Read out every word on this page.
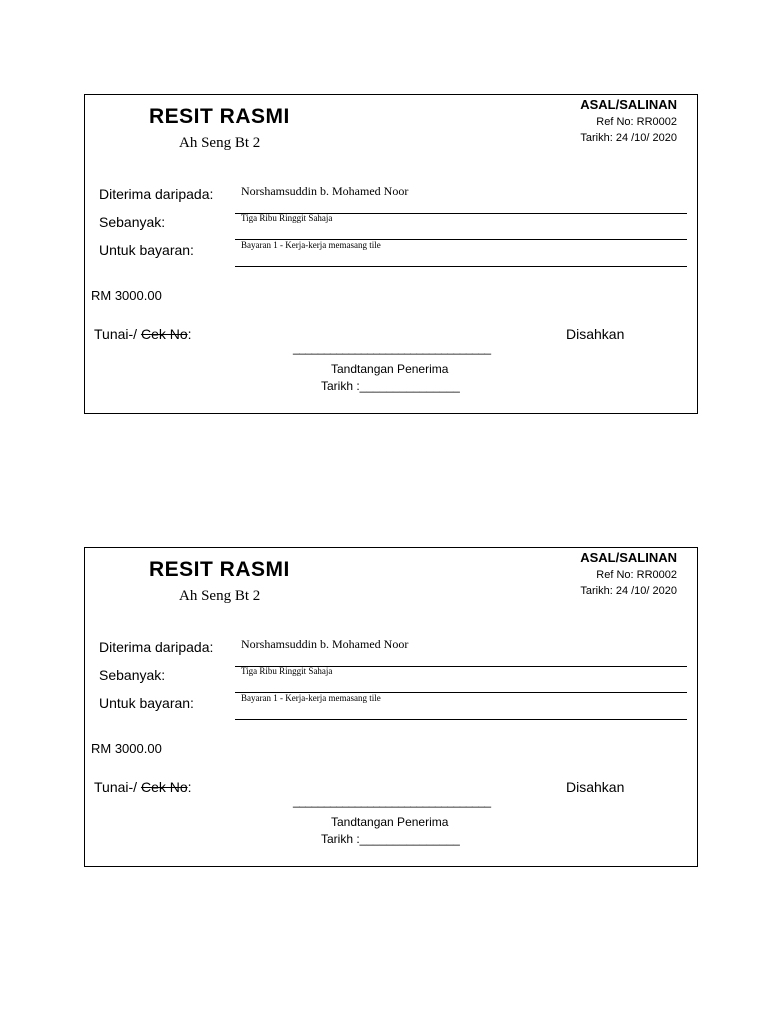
RESIT RASMI
Ah Seng Bt 2
ASAL/SALINAN
Ref No: RR0002
Tarikh: 24 /10/ 2020
Diterima daripada: Norshamsuddin b. Mohamed Noor
Sebanyak:	Tiga Ribu Ringgit Sahaja
Untuk bayaran:	Bayaran 1 - Kerja-kerja memasang tile
RM 3000.00
Tunai-/ Cek No:	Disahkan
________________________________
Tandtangan Penerima
Tarikh :_______________
RESIT RASMI
Ah Seng Bt 2
ASAL/SALINAN
Ref No: RR0002
Tarikh: 24 /10/ 2020
Diterima daripada: Norshamsuddin b. Mohamed Noor
Sebanyak:	Tiga Ribu Ringgit Sahaja
Untuk bayaran:	Bayaran 1 - Kerja-kerja memasang tile
RM 3000.00
Tunai-/ Cek No:	Disahkan
________________________________
Tandtangan Penerima
Tarikh :_______________
